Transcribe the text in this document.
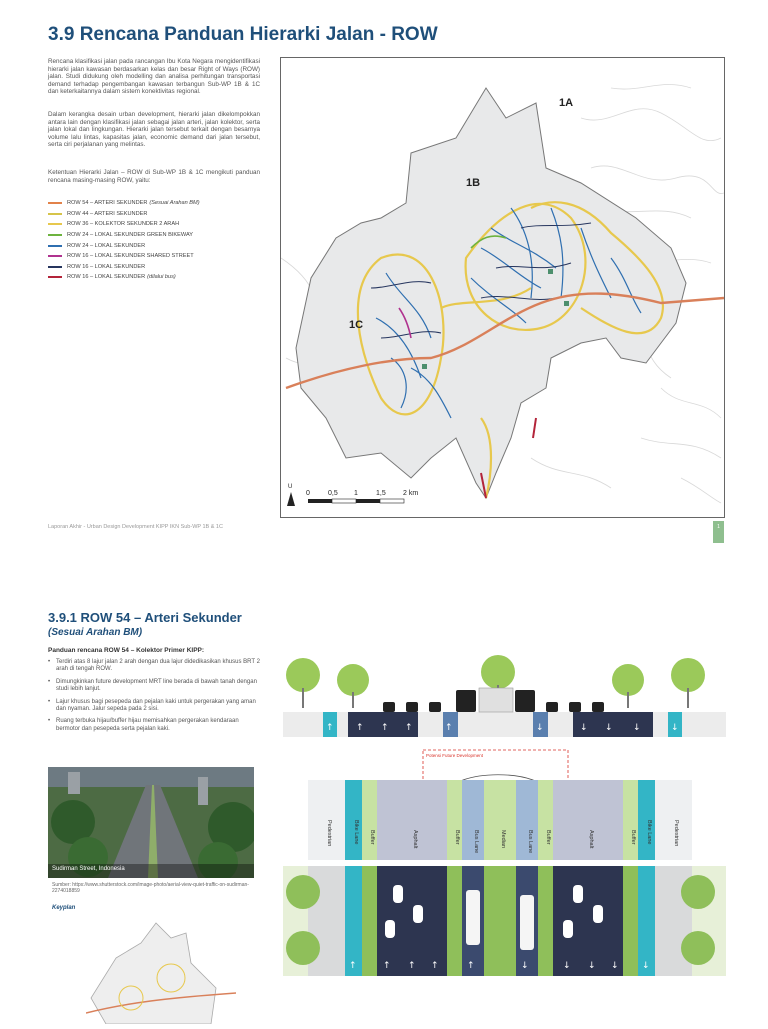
3.9 Rencana Panduan Hierarki Jalan - ROW
Rencana klasifikasi jalan pada rancangan Ibu Kota Negara mengidentifikasi hierarki jalan kawasan berdasarkan kelas dan besar Right of Ways (ROW) jalan. Studi didukung oleh modelling dan analisa perhitungan transportasi demand terhadap pengembangan kawasan terbangun Sub-WP 1B & 1C dan keterkaitannya dalam sistem konektivitas regional.
Dalam kerangka desain urban development, hierarki jalan dikelompokkan antara lain dengan klasifikasi jalan sebagai jalan arteri, jalan kolektor, serta jalan lokal dan lingkungan. Hierarki jalan tersebut terkait dengan besarnya volume lalu lintas, kapasitas jalan, economic demand dari jalan tersebut, serta ciri perjalanan yang melintas.
Ketentuan Hierarki Jalan – ROW di Sub-WP 1B & 1C mengikuti panduan rencana masing-masing ROW, yaitu:
ROW 54 – ARTERI SEKUNDER (Sesuai Arahan BM)
ROW 44 – ARTERI SEKUNDER
ROW 36 – KOLEKTOR SEKUNDER 2 ARAH
ROW 24 – LOKAL SEKUNDER GREEN BIKEWAY
ROW 24 – LOKAL SEKUNDER
ROW 16 – LOKAL SEKUNDER SHARED STREET
ROW 16 – LOKAL SEKUNDER
ROW 16 – LOKAL SEKUNDER (dilalui bus)
1A
1B
1C
U
0	0,5 1	1,5 2 km
Laporan Akhir - Urban Design Development KIPP IKN Sub-WP 1B & 1C	1
3.9.1 ROW 54 – Arteri Sekunder
(Sesuai Arahan BM)
Panduan rencana ROW 54 – Kolektor Primer KIPP:
• Terdiri atas 8 lajur jalan 2 arah dengan dua lajur didedikasikan khusus BRT 2 arah di tengah ROW.
• Dimungkinkan future development MRT line berada di bawah tanah dengan studi lebih lanjut.
• Lajur khusus bagi pesepeda dan pejalan kaki untuk pergerakan yang aman dan nyaman. Jalur sepeda pada 2 sisi.
• Ruang terbuka hijau/buffer hijau memisahkan pergerakan kendaraan bermotor dan pesepeda serta pejalan kaki.
Sudirman Street, Indonesia
Sumber: https://www.shutterstock.com/image-photo/aerial-view-quiet-traffic-on-sudirman-2274018859
Keyplan
↑ ↑ ↑ ↑	↑	↓	↓ ↓ ↓	↓
Potensi Future Development
Pedestrian	Bike Lane Buffer	Asphalt	Buffer Bus Lane	Median	Bus Lane Buffer	Asphalt	Buffer Bike Lane	Pedestrian
↑	↑ ↑ ↑	↑	↓	↓ ↓ ↓	↓
